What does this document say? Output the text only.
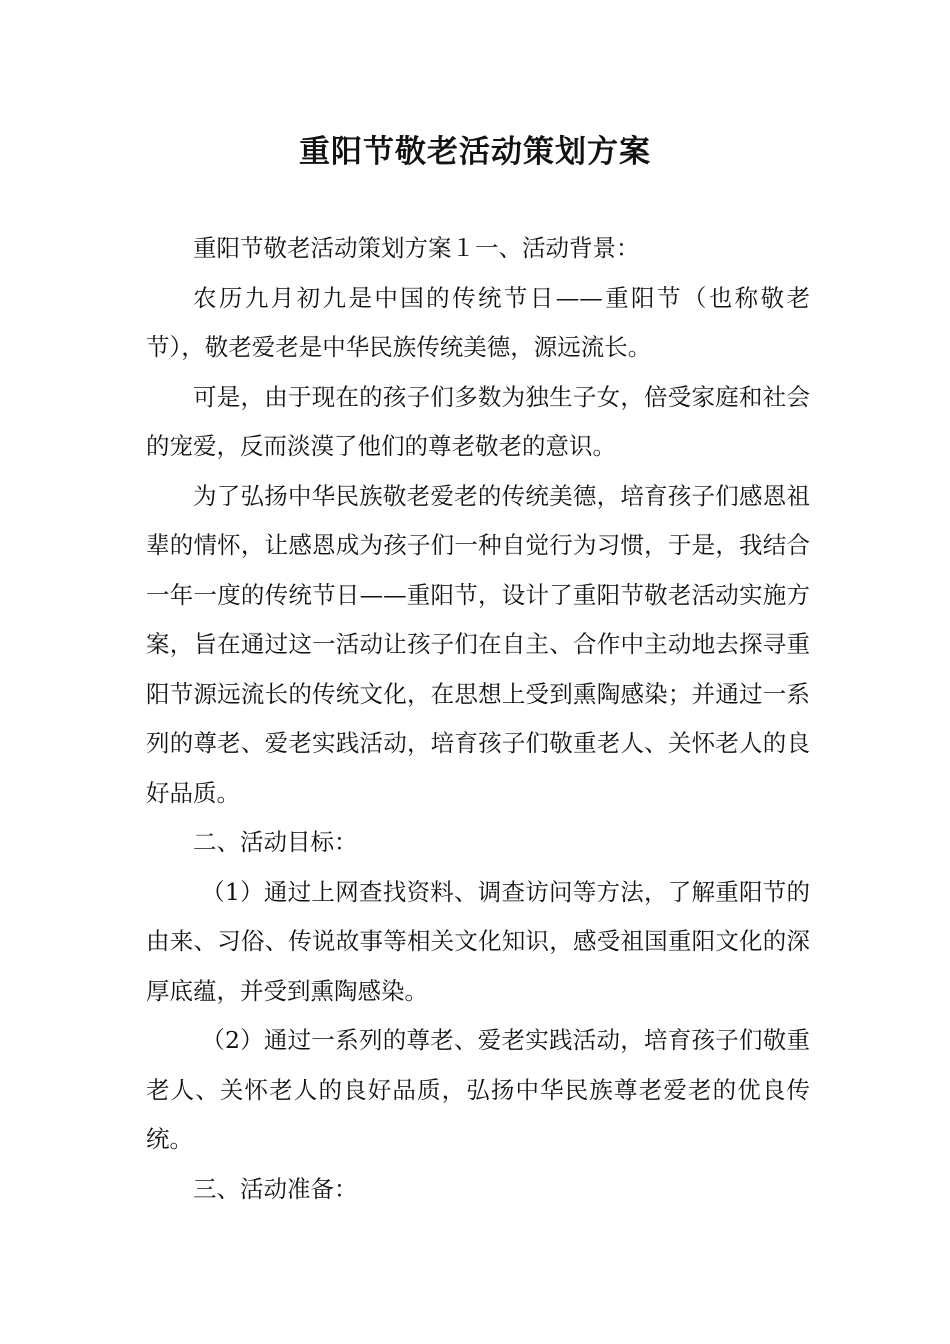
重阳节敬老活动策划方案

重阳节敬老活动策划方案１一、活动背景：

农历九月初九是中国的传统节日——重阳节（也称敬老节），敬老爱老是中华民族传统美德，源远流长。

可是，由于现在的孩子们多数为独生子女，倍受家庭和社会的宠爱，反而淡漠了他们的尊老敬老的意识。

为了弘扬中华民族敬老爱老的传统美德，培育孩子们感恩祖辈的情怀，让感恩成为孩子们一种自觉行为习惯，于是，我结合一年一度的传统节日——重阳节，设计了重阳节敬老活动实施方案，旨在通过这一活动让孩子们在自主、合作中主动地去探寻重阳节源远流长的传统文化，在思想上受到熏陶感染；并通过一系列的尊老、爱老实践活动，培育孩子们敬重老人、关怀老人的良好品质。

二、活动目标：

（1）通过上网查找资料、调查访问等方法，了解重阳节的由来、习俗、传说故事等相关文化知识，感受祖国重阳文化的深厚底蕴，并受到熏陶感染。

（2）通过一系列的尊老、爱老实践活动，培育孩子们敬重老人、关怀老人的良好品质，弘扬中华民族尊老爱老的优良传统。

三、活动准备：
